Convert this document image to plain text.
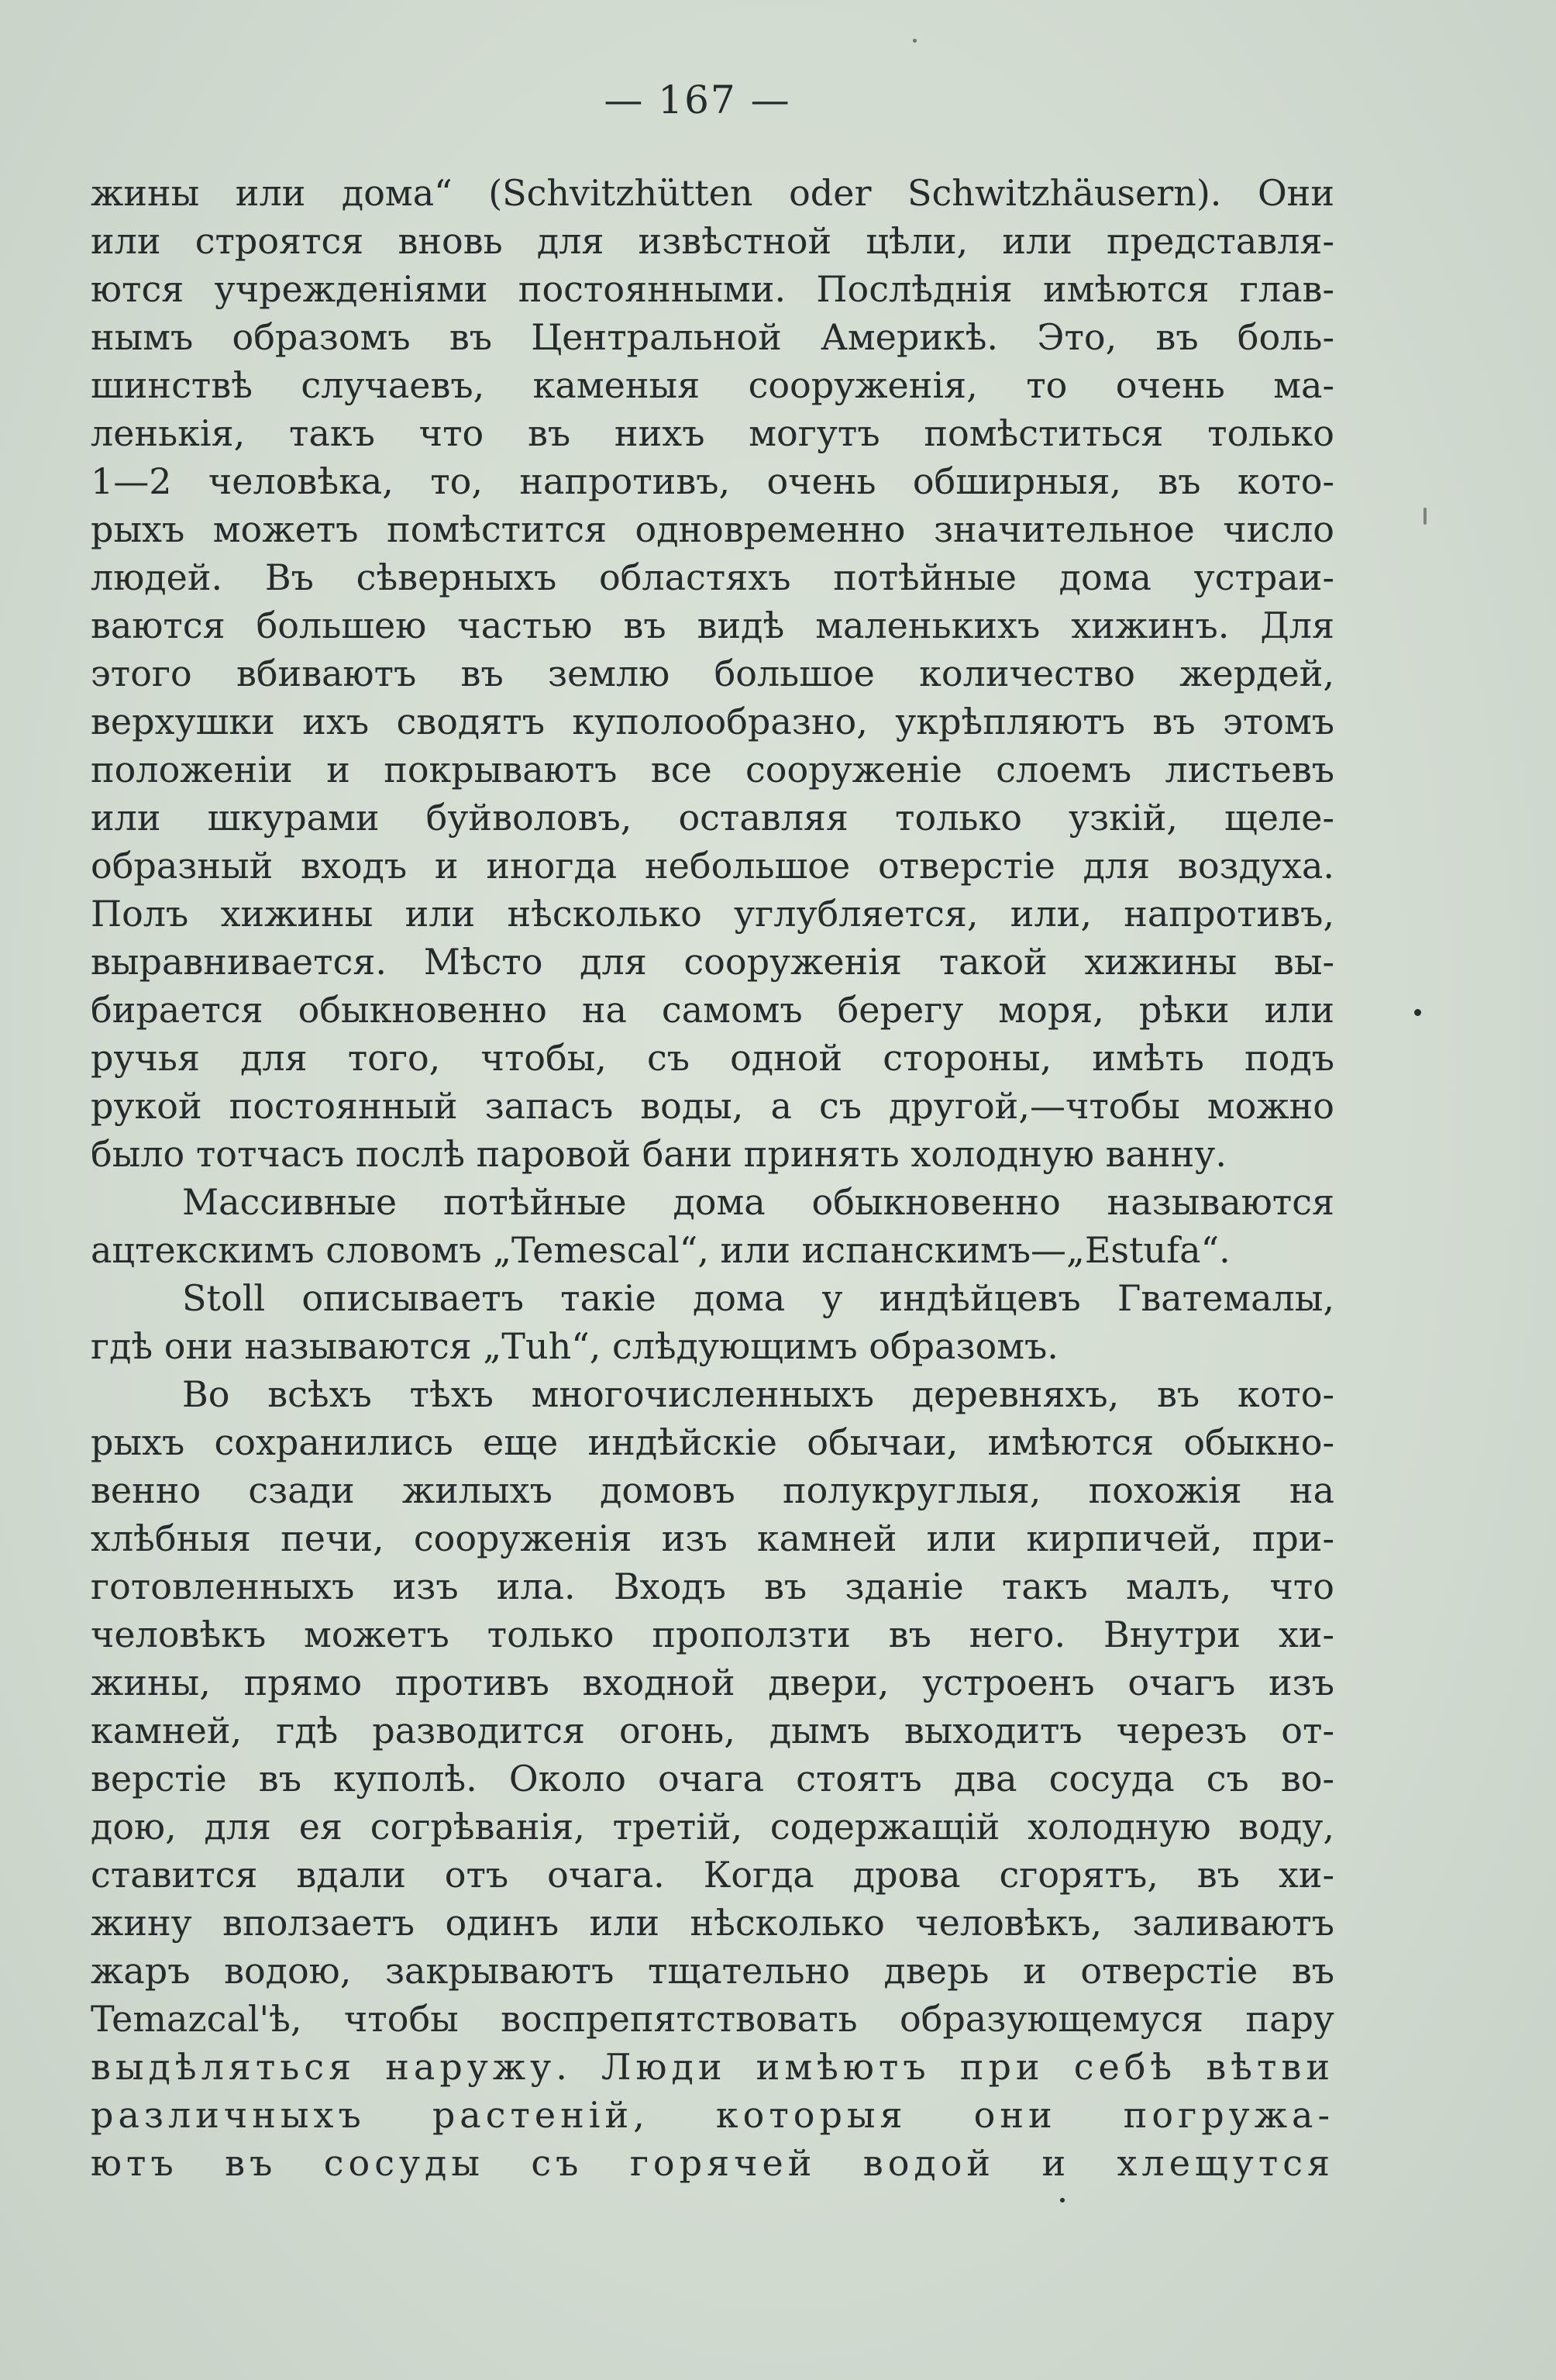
— 167 —
жины или дома“ (Schvitzhütten oder Schwitzhäusern). Они
или строятся вновь для извѣстной цѣли, или представля-
ются учрежденіями постоянными. Послѣднія имѣются глав-
нымъ образомъ въ Центральной Америкѣ. Это, въ боль-
шинствѣ случаевъ, каменыя сооруженія, то очень ма-
ленькія, такъ что въ нихъ могутъ помѣститься только
1—2 человѣка, то, напротивъ, очень обширныя, въ кото-
рыхъ можетъ помѣстится одновременно значительное число
людей. Въ сѣверныхъ областяхъ потѣйные дома устраи-
ваются большею частью въ видѣ маленькихъ хижинъ. Для
этого вбиваютъ въ землю большое количество жердей,
верхушки ихъ сводятъ куполообразно, укрѣпляютъ въ этомъ
положеніи и покрываютъ все сооруженіе слоемъ листьевъ
или шкурами буйволовъ, оставляя только узкій, щеле-
образный входъ и иногда небольшое отверстіе для воздуха.
Полъ хижины или нѣсколько углубляется, или, напротивъ,
выравнивается. Мѣсто для сооруженія такой хижины вы-
бирается обыкновенно на самомъ берегу моря, рѣки или
ручья для того, чтобы, съ одной стороны, имѣть подъ
рукой постоянный запасъ воды, а съ другой,—чтобы можно
было тотчасъ послѣ паровой бани принять холодную ванну.
Массивные потѣйные дома обыкновенно называются
ацтекскимъ словомъ „Temescal“, или испанскимъ—„Estufa“.
Stoll описываетъ такіе дома у индѣйцевъ Гватемалы,
гдѣ они называются „Tuh“, слѣдующимъ образомъ.
Во всѣхъ тѣхъ многочисленныхъ деревняхъ, въ кото-
рыхъ сохранились еще индѣйскіе обычаи, имѣются обыкно-
венно сзади жилыхъ домовъ полукруглыя, похожія на
хлѣбныя печи, сооруженія изъ камней или кирпичей, при-
готовленныхъ изъ ила. Входъ въ зданіе такъ малъ, что
человѣкъ можетъ только проползти въ него. Внутри хи-
жины, прямо противъ входной двери, устроенъ очагъ изъ
камней, гдѣ разводится огонь, дымъ выходитъ черезъ от-
верстіе въ куполѣ. Около очага стоятъ два сосуда съ во-
дою, для ея согрѣванія, третій, содержащій холодную воду,
ставится вдали отъ очага. Когда дрова сгорятъ, въ хи-
жину вползаетъ одинъ или нѣсколько человѣкъ, заливаютъ
жаръ водою, закрываютъ тщательно дверь и отверстіе въ
Temazcal'ѣ, чтобы воспрепятствовать образующемуся пару
выдѣляться наружу. Люди имѣютъ при себѣ вѣтви
различныхъ растеній, которыя они погружа-
ютъ въ сосуды съ горячей водой и хлещутся
